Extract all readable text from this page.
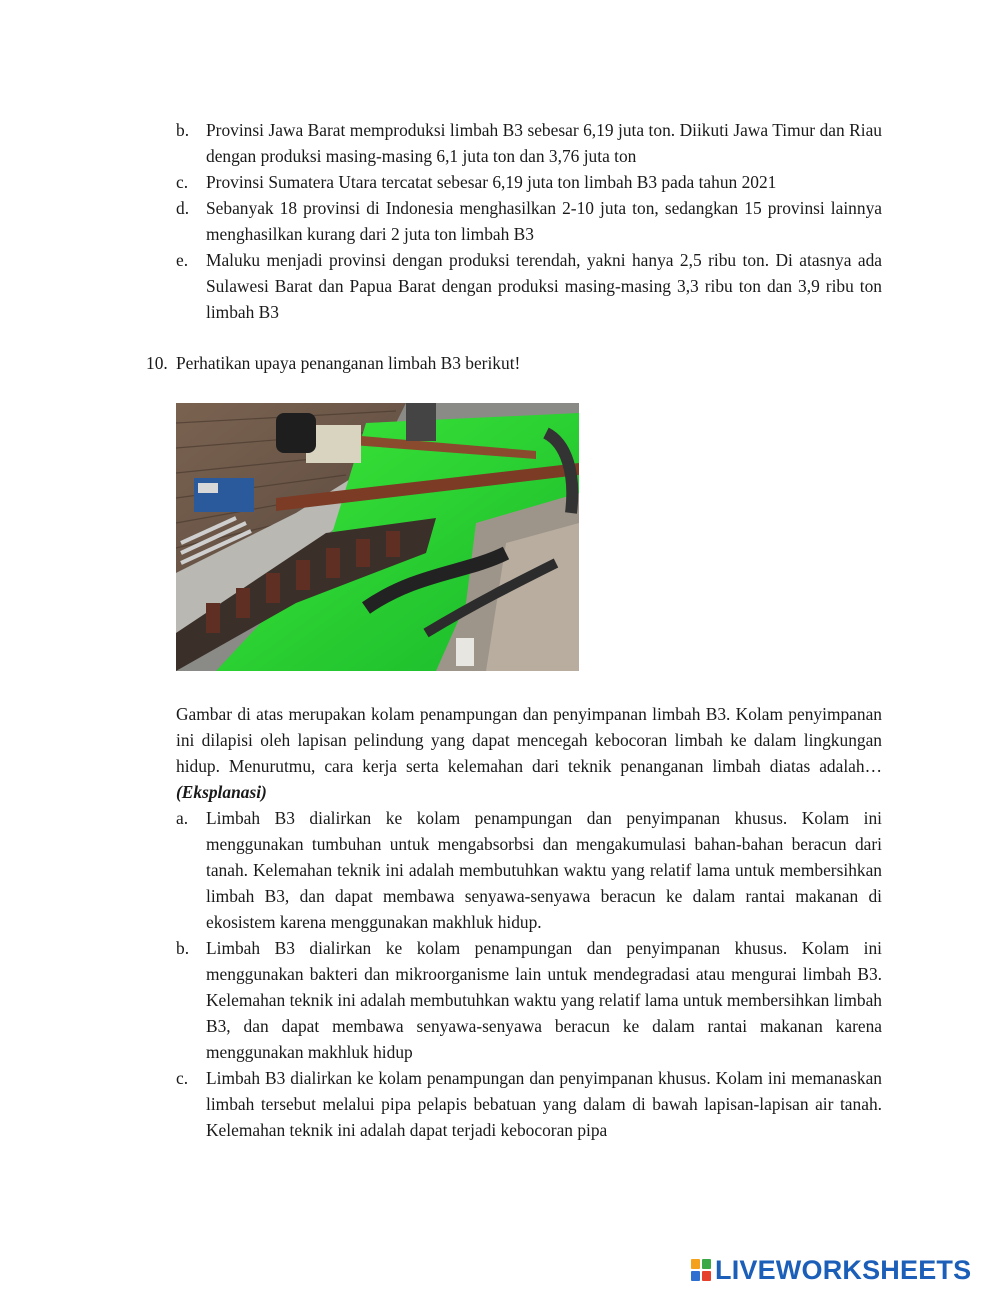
b. Provinsi Jawa Barat memproduksi limbah B3 sebesar 6,19 juta ton. Diikuti Jawa Timur dan Riau dengan produksi masing-masing 6,1 juta ton dan 3,76 juta ton
c. Provinsi Sumatera Utara tercatat sebesar 6,19 juta ton limbah B3 pada tahun 2021
d. Sebanyak 18 provinsi di Indonesia menghasilkan 2-10 juta ton, sedangkan 15 provinsi lainnya menghasilkan kurang dari 2 juta ton limbah B3
e. Maluku menjadi provinsi dengan produksi terendah, yakni hanya 2,5 ribu ton. Di atasnya ada Sulawesi Barat dan Papua Barat dengan produksi masing-masing 3,3 ribu ton dan 3,9 ribu ton limbah B3
10. Perhatikan upaya penanganan limbah B3 berikut!
Gambar di atas merupakan kolam penampungan dan penyimpanan limbah B3. Kolam penyimpanan ini dilapisi oleh lapisan pelindung yang dapat mencegah kebocoran limbah ke dalam lingkungan hidup. Menurutmu, cara kerja serta kelemahan dari teknik penanganan limbah diatas adalah… (Eksplanasi)
a. Limbah B3 dialirkan ke kolam penampungan dan penyimpanan khusus. Kolam ini menggunakan tumbuhan untuk mengabsorbsi dan mengakumulasi bahan-bahan beracun dari tanah. Kelemahan teknik ini adalah membutuhkan waktu yang relatif lama untuk membersihkan limbah B3, dan dapat membawa senyawa-senyawa beracun ke dalam rantai makanan di ekosistem karena menggunakan makhluk hidup.
b. Limbah B3 dialirkan ke kolam penampungan dan penyimpanan khusus. Kolam ini menggunakan bakteri dan mikroorganisme lain untuk mendegradasi atau mengurai limbah B3. Kelemahan teknik ini adalah membutuhkan waktu yang relatif lama untuk membersihkan limbah B3, dan dapat membawa senyawa-senyawa beracun ke dalam rantai makanan karena menggunakan makhluk hidup
c. Limbah B3 dialirkan ke kolam penampungan dan penyimpanan khusus. Kolam ini memanaskan limbah tersebut melalui pipa pelapis bebatuan yang dalam di bawah lapisan-lapisan air tanah. Kelemahan teknik ini adalah dapat terjadi kebocoran pipa
LIVEWORKSHEETS
